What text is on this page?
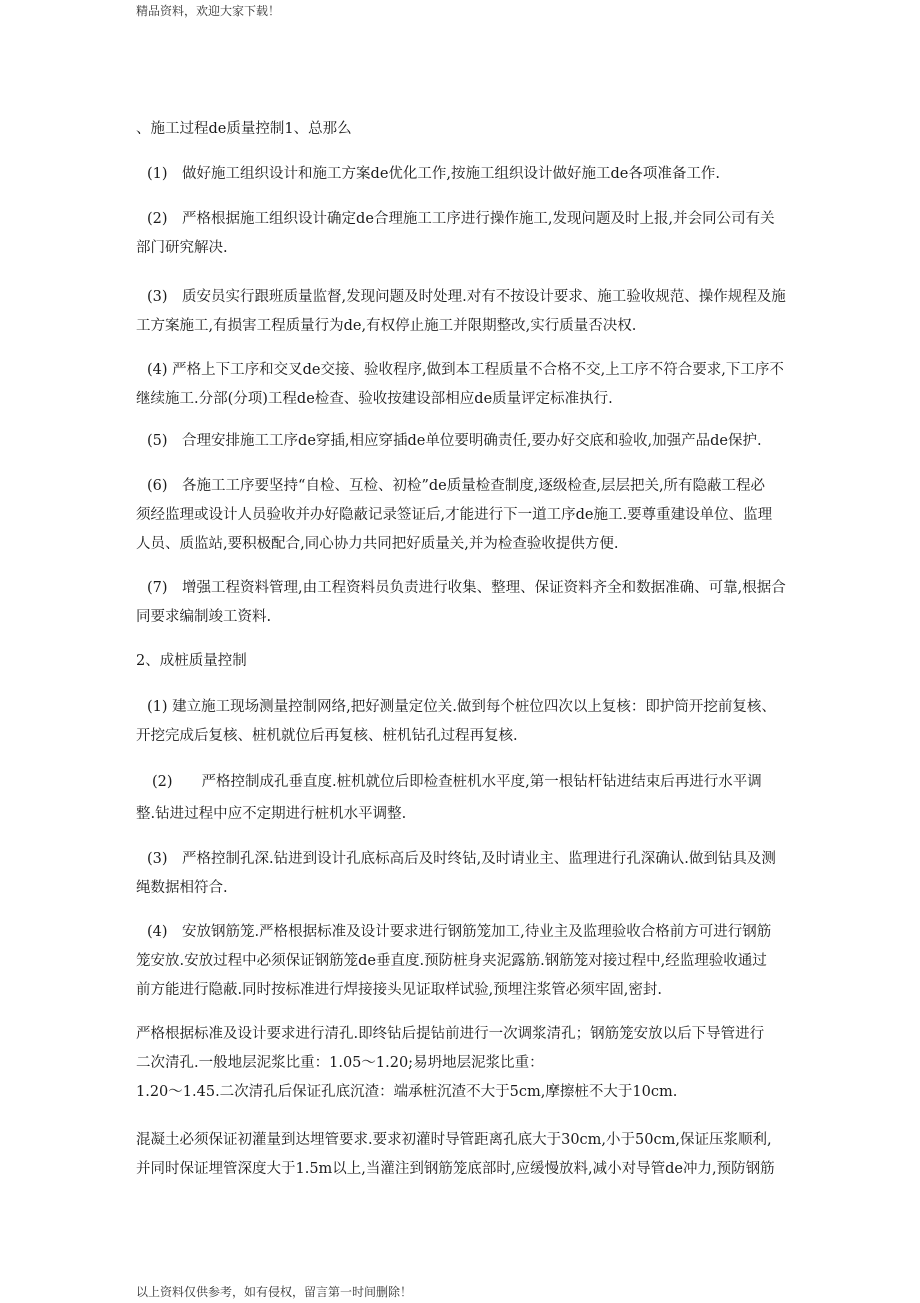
精品资料，欢迎大家下载！
、施工过程de质量控制1、总那么
(1)　做好施工组织设计和施工方案de优化工作,按施工组织设计做好施工de各项准备工作.
(2)　严格根据施工组织设计确定de合理施工工序进行操作施工,发现问题及时上报,并会同公司有关
部门研究解决.
(3)　质安员实行跟班质量监督,发现问题及时处理.对有不按设计要求、施工验收规范、操作规程及施
工方案施工,有损害工程质量行为de,有权停止施工并限期整改,实行质量否决权.
(4) 严格上下工序和交叉de交接、验收程序,做到本工程质量不合格不交,上工序不符合要求,下工序不
继续施工.分部(分项)工程de检查、验收按建设部相应de质量评定标准执行.
(5)　合理安排施工工序de穿插,相应穿插de单位要明确责任,要办好交底和验收,加强产品de保护.
(6)　各施工工序要坚持“自检、互检、初检”de质量检查制度,逐级检查,层层把关,所有隐蔽工程必
须经监理或设计人员验收并办好隐蔽记录签证后,才能进行下一道工序de施工.要尊重建设单位、监理
人员、质监站,要积极配合,同心协力共同把好质量关,并为检查验收提供方便.
(7)　增强工程资料管理,由工程资料员负责进行收集、整理、保证资料齐全和数据准确、可靠,根据合
同要求编制竣工资料.
2、成桩质量控制
(1) 建立施工现场测量控制网络,把好测量定位关.做到每个桩位四次以上复核：即护筒开挖前复核、
开挖完成后复核、桩机就位后再复核、桩机钻孔过程再复核.
(2)　　严格控制成孔垂直度.桩机就位后即检查桩机水平度,第一根钻杆钻进结束后再进行水平调
整.钻进过程中应不定期进行桩机水平调整.
(3)　严格控制孔深.钻进到设计孔底标高后及时终钻,及时请业主、监理进行孔深确认.做到钻具及测
绳数据相符合.
(4)　安放钢筋笼.严格根据标准及设计要求进行钢筋笼加工,待业主及监理验收合格前方可进行钢筋
笼安放.安放过程中必须保证钢筋笼de垂直度.预防桩身夹泥露筋.钢筋笼对接过程中,经监理验收通过
前方能进行隐蔽.同时按标准进行焊接接头见证取样试验,预埋注浆管必须牢固,密封.
严格根据标准及设计要求进行清孔.即终钻后提钻前进行一次调浆清孔；钢筋笼安放以后下导管进行
二次清孔.一般地层泥浆比重：1.05～1.20;易坍地层泥浆比重：
1.20～1.45.二次清孔后保证孔底沉渣：端承桩沉渣不大于5cm,摩擦桩不大于10cm.
混凝土必须保证初灌量到达埋管要求.要求初灌时导管距离孔底大于30cm,小于50cm,保证压浆顺利,
并同时保证埋管深度大于1.5m以上,当灌注到钢筋笼底部时,应缓慢放料,减小对导管de冲力,预防钢筋
以上资料仅供参考，如有侵权，留言第一时间删除！
